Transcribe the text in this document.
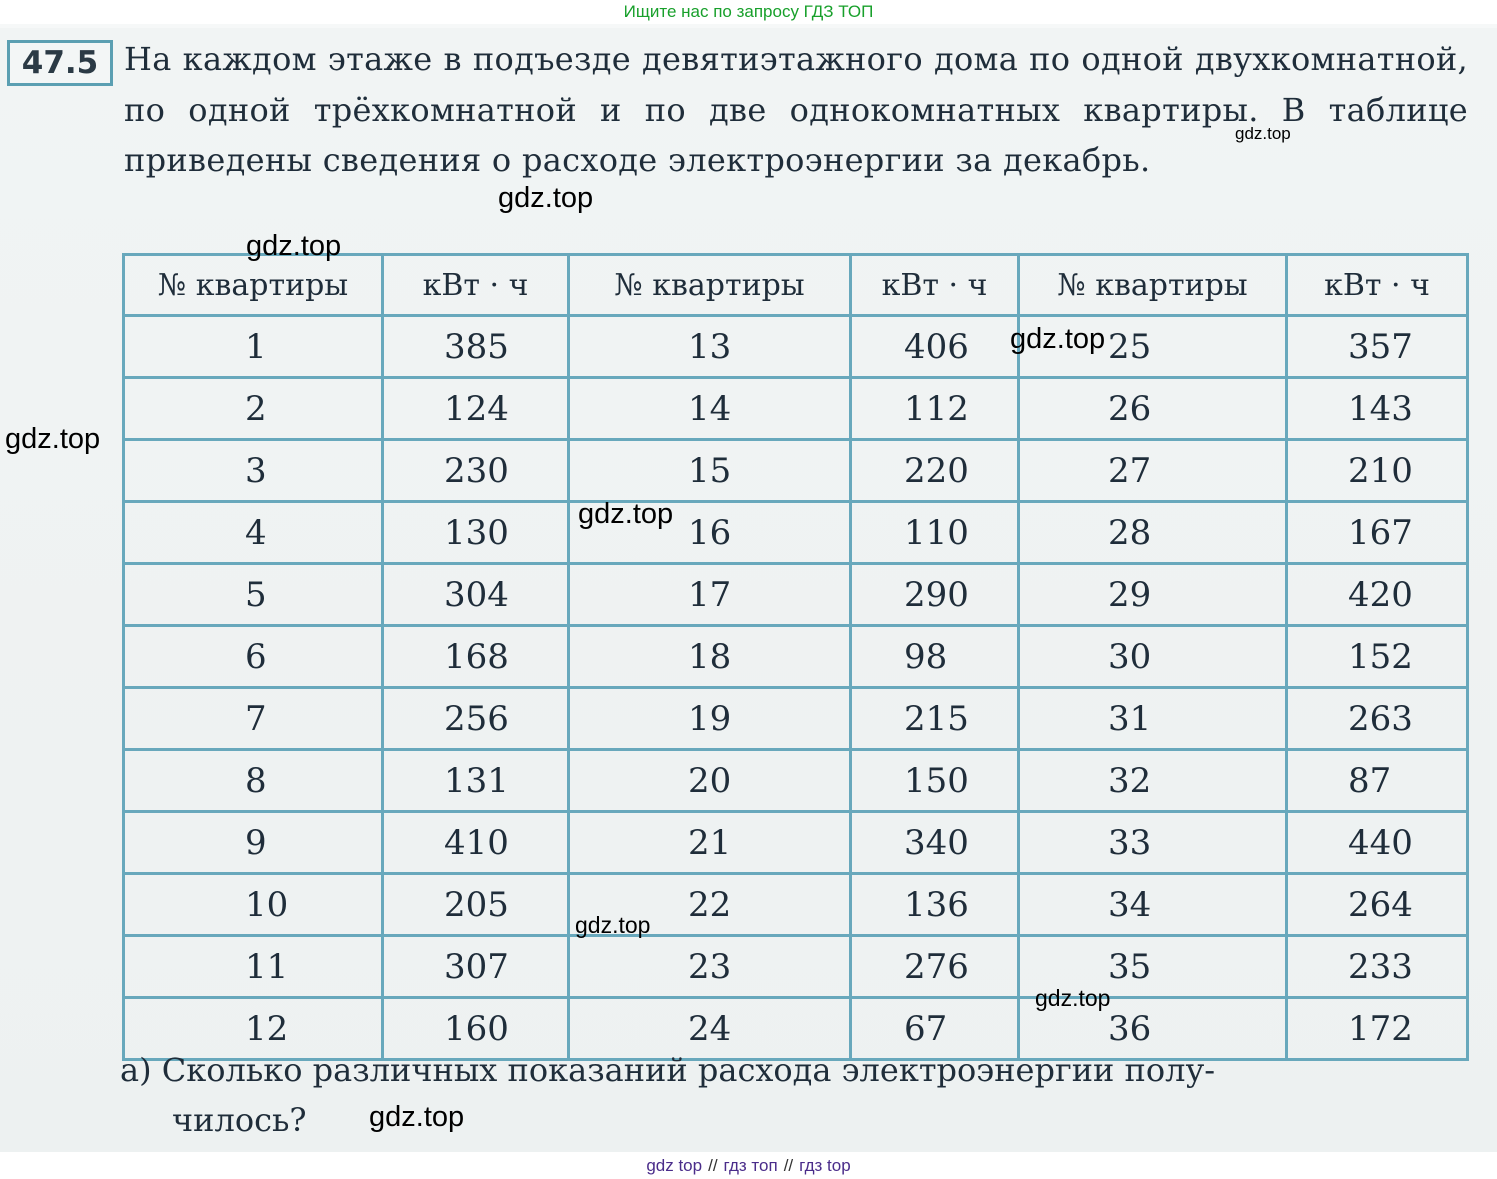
Ищите нас по запросу ГДЗ ТОП
47.5 На каждом этаже в подъезде девятиэтажного дома по одной двухкомнатной, по одной трёхкомнатной и по две однокомнатных квартиры. В таблице приведены сведения о расходе электроэнергии за декабрь.
№ квартиры	кВт · ч	№ квартиры	кВт · ч	№ квартиры	кВт · ч
1	385	13	406	25	357
2	124	14	112	26	143
3	230	15	220	27	210
4	130	16	110	28	167
5	304	17	290	29	420
6	168	18	98	30	152
7	256	19	215	31	263
8	131	20	150	32	87
9	410	21	340	33	440
10	205	22	136	34	264
11	307	23	276	35	233
12	160	24	67	36	172
а) Сколько различных показаний расхода электроэнергии полу-
чилось?
gdz.top
gdz.top
gdz.top
gdz.top
gdz.top
gdz.top
gdz.top
gdz.top
gdz.top
gdz top // гдз топ // гдз top
